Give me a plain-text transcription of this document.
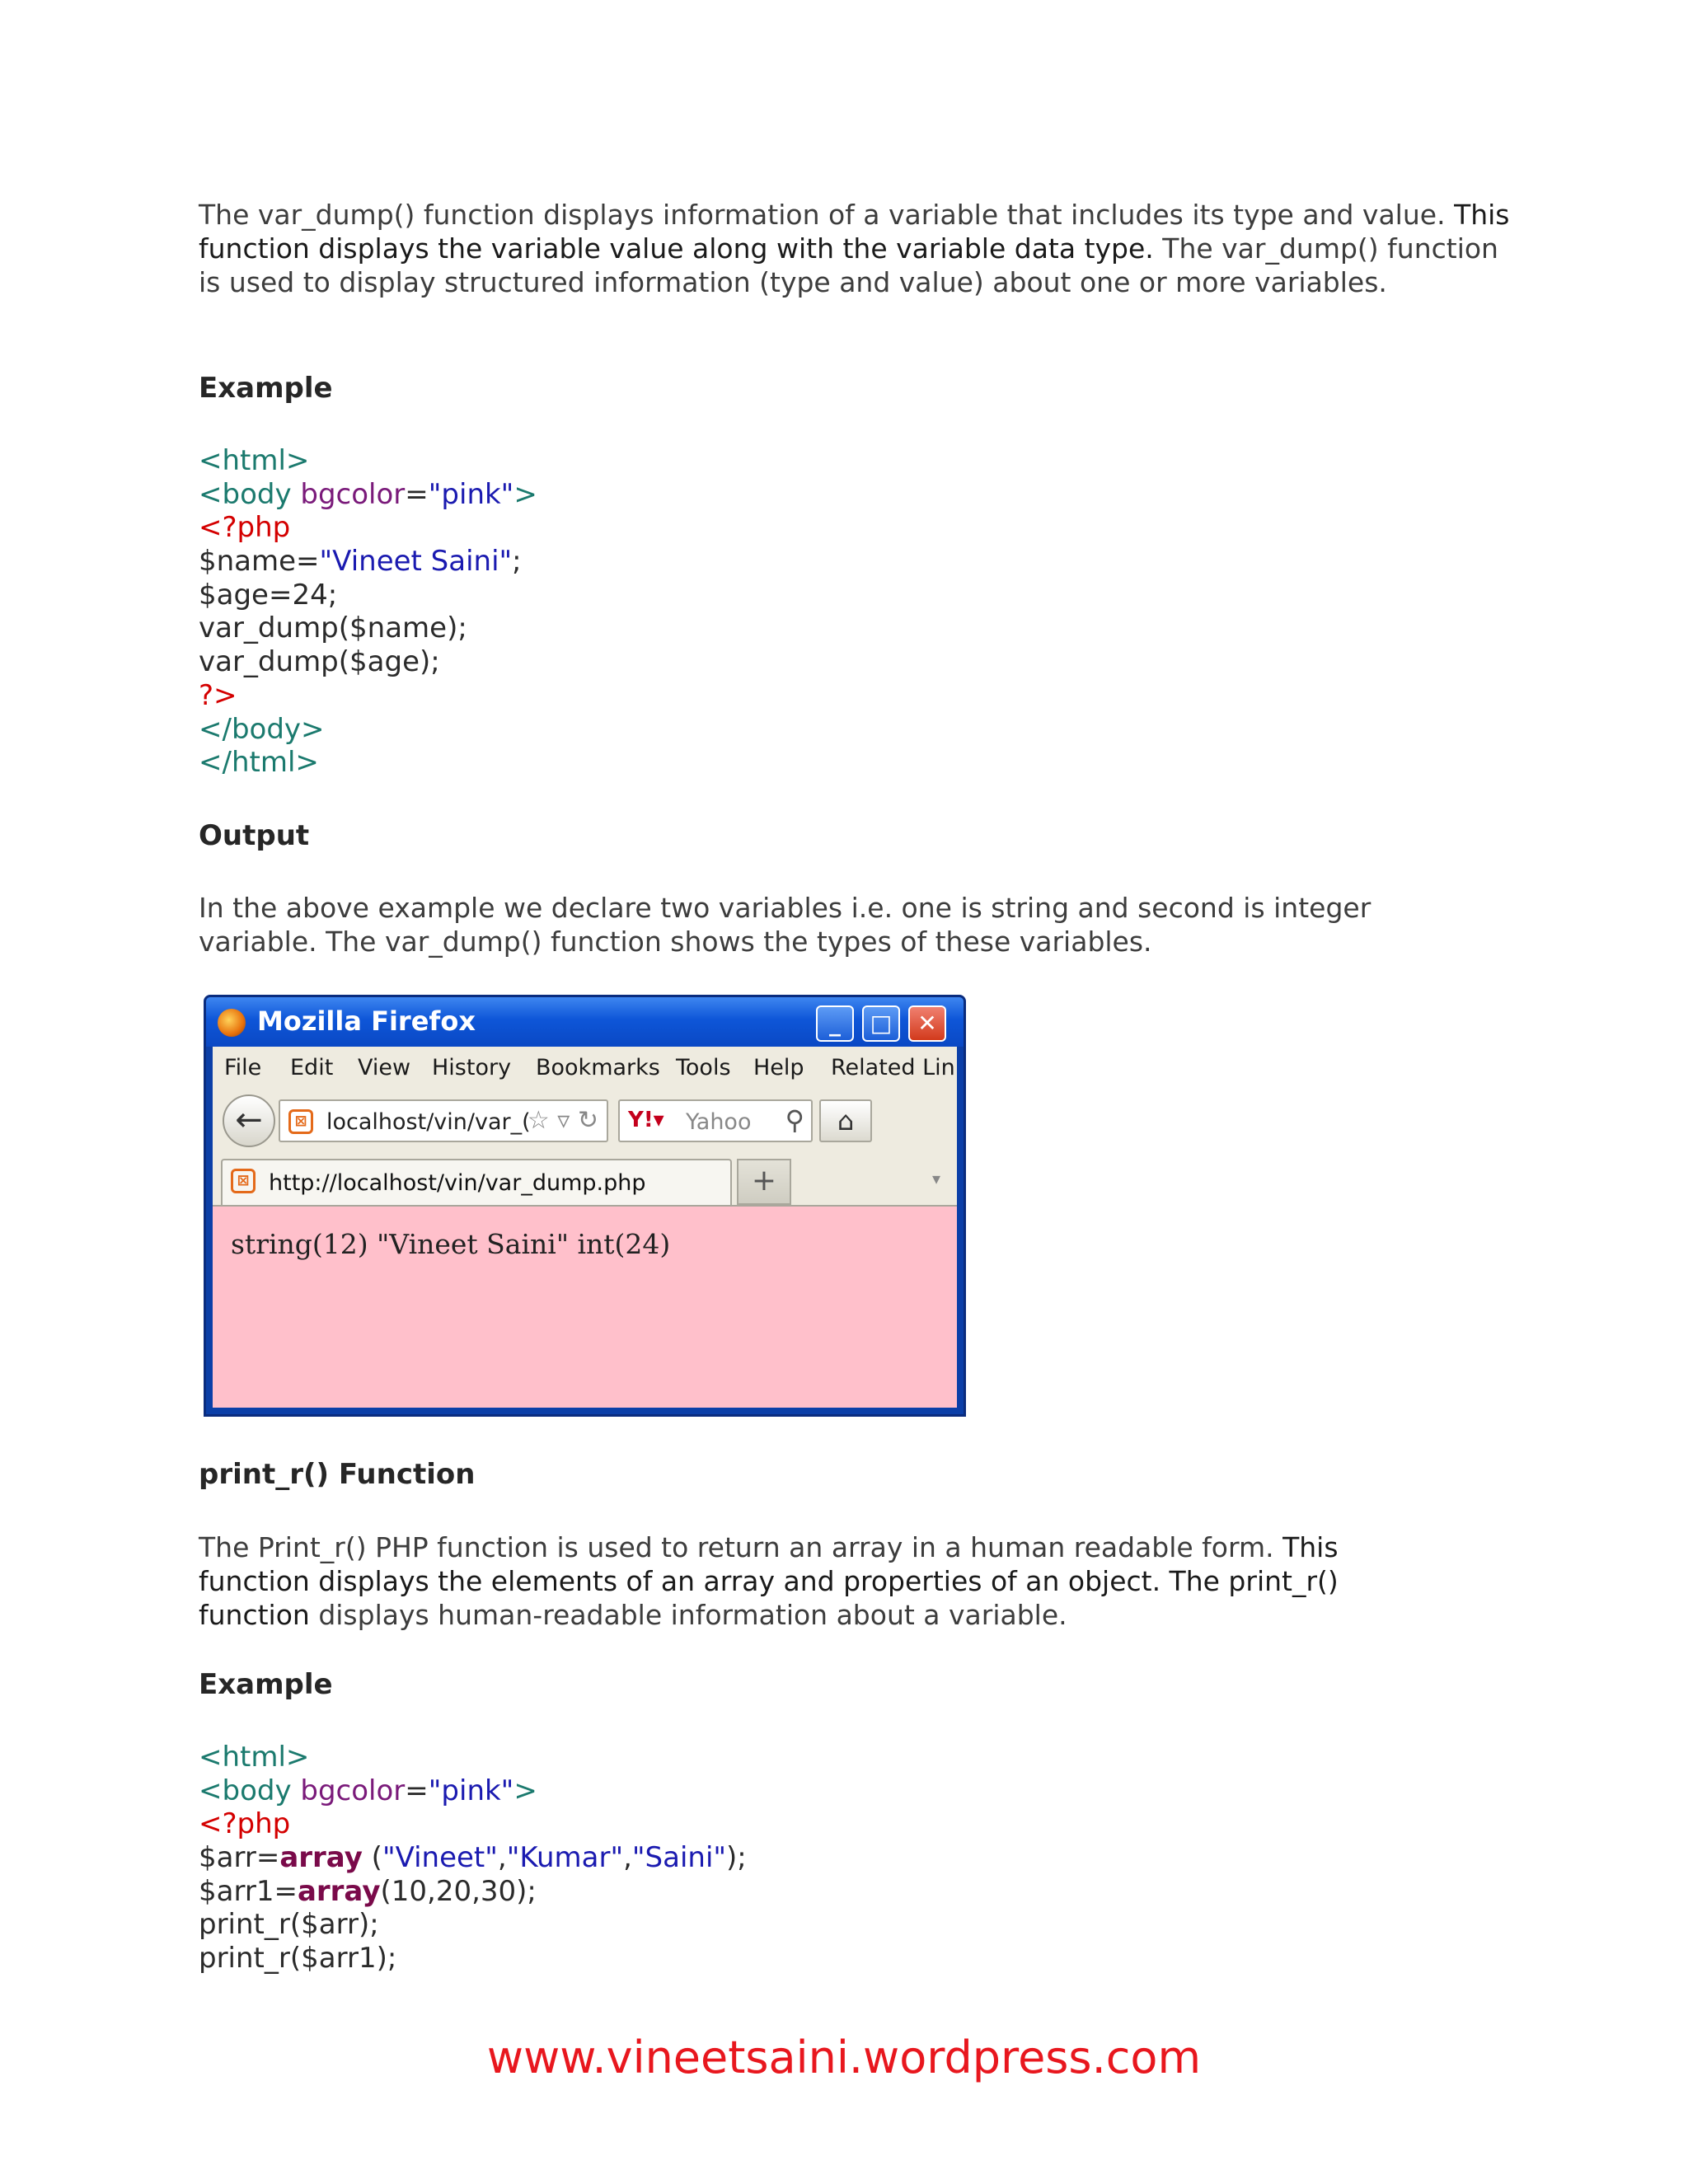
The var_dump() function displays information of a variable that includes its type and value. This function displays the variable value along with the variable data type. The var_dump() function is used to display structured information (type and value) about one or more variables.

Example
<html>
<body bgcolor="pink">
<?php
$name="Vineet Saini";
$age=24;
var_dump($name);
var_dump($age);
?>
</body>
</html>
Output

In the above example we declare two variables i.e. one is string and second is integer variable. The var_dump() function shows the types of these variables.

Mozilla Firefox	_	□	✕
File Edit View History Bookmarks Tools Help Related Lin
←	⊠ localhost/vin/var_(
☆ ▿ ↻ Y!▾ Yahoo ⚲	⌂
⊠ http://localhost/vin/var_dump.php	+	▾
string(12) "Vineet Saini" int(24)
print_r() Function

The Print_r() PHP function is used to return an array in a human readable form. This function displays the elements of an array and properties of an object. The print_r() function displays human-readable information about a variable.

Example
<html>
<body bgcolor="pink">
<?php
$arr=array ("Vineet","Kumar","Saini");
$arr1=array(10,20,30);
print_r($arr);
print_r($arr1);
www.vineetsaini.wordpress.com
